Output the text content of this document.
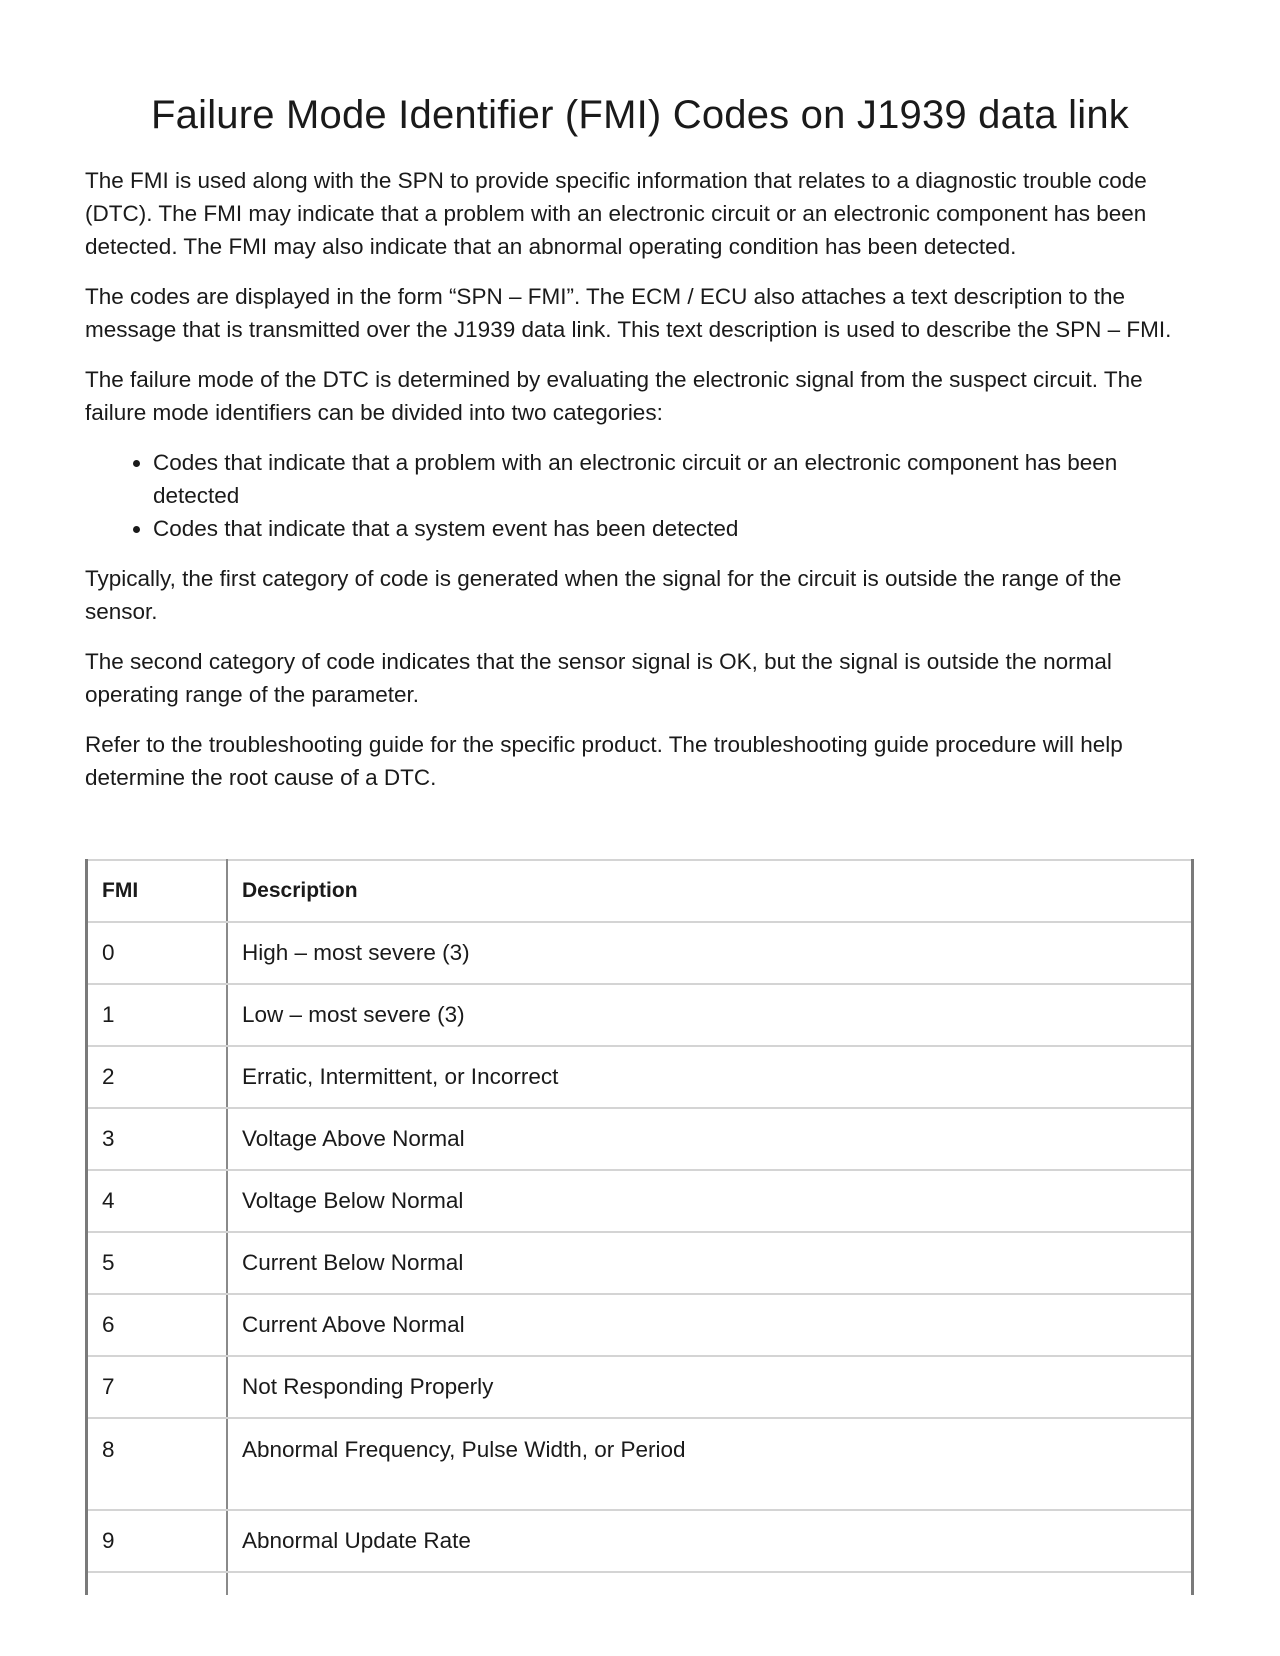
Failure Mode Identifier (FMI) Codes on J1939 data link

The FMI is used along with the SPN to provide specific information that relates to a diagnostic trouble code (DTC). The FMI may indicate that a problem with an electronic circuit or an electronic component has been detected. The FMI may also indicate that an abnormal operating condition has been detected.

The codes are displayed in the form “SPN – FMI”. The ECM / ECU also attaches a text description to the message that is transmitted over the J1939 data link. This text description is used to describe the SPN – FMI.

The failure mode of the DTC is determined by evaluating the electronic signal from the suspect circuit. The failure mode identifiers can be divided into two categories:

• Codes that indicate that a problem with an electronic circuit or an electronic component has been detected
• Codes that indicate that a system event has been detected

Typically, the first category of code is generated when the signal for the circuit is outside the range of the sensor.

The second category of code indicates that the sensor signal is OK, but the signal is outside the normal operating range of the parameter.

Refer to the troubleshooting guide for the specific product. The troubleshooting guide procedure will help determine the root cause of a DTC.

FMI	Description
0	High – most severe (3)
1	Low – most severe (3)
2	Erratic, Intermittent, or Incorrect
3	Voltage Above Normal
4	Voltage Below Normal
5	Current Below Normal
6	Current Above Normal
7	Not Responding Properly
8	Abnormal Frequency, Pulse Width, or Period
9	Abnormal Update Rate
